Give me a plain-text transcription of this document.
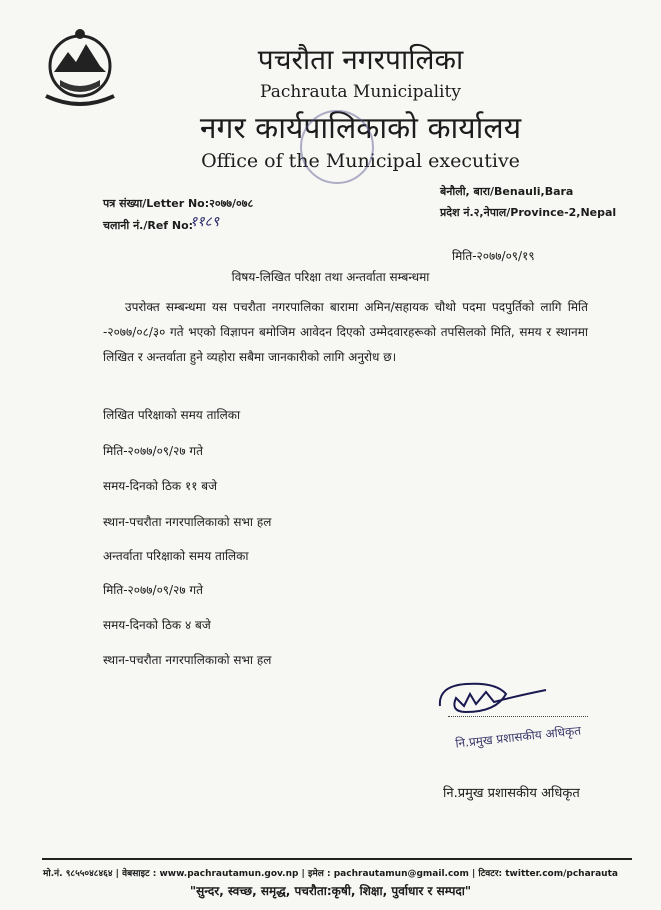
पचरौता नगरपालिका
Pachrauta Municipality
नगर कार्यपालिकाको कार्यालय
Office of the Municipal executive
पत्र संख्या/Letter No:२०७७/०७८
चलानी नं./Ref No:
११८९
बेनौली, बारा/Benauli,Bara
प्रदेश नं.२,नेपाल/Province-2,Nepal
मिति-२०७७/०९/१९
विषय-लिखित परिक्षा तथा अन्तर्वाता सम्बन्धमा
उपरोक्त सम्बन्धमा यस पचरौता नगरपालिका बारामा अमिन/सहायक चौथो पदमा पदपुर्तिको लागि मिति -२०७७/०८/३० गते भएको विज्ञापन बमोजिम आवेदन दिएको उम्मेदवारहरूको तपसिलको मिति, समय र स्थानमा लिखित र अन्तर्वाता हुने व्यहोरा सबैमा जानकारीको लागि अनुरोध छ।
लिखित परिक्षाको समय तालिका
मिति-२०७७/०९/२७ गते
समय-दिनको ठिक ११ बजे
स्थान-पचरौता नगरपालिकाको सभा हल
अन्तर्वाता परिक्षाको समय तालिका
मिति-२०७७/०९/२७ गते
समय-दिनको ठिक ४ बजे
स्थान-पचरौता नगरपालिकाको सभा हल
नि.प्रमुख प्रशासकीय अधिकृत
नि.प्रमुख प्रशासकीय अधिकृत
मो.नं. ९८५५०४८४६४ | वेबसाइट : www.pachrautamun.gov.np | इमेल : pachrautamun@gmail.com | टिवटर: twitter.com/pcharauta
"सुन्दर, स्वच्छ, समृद्ध, पचरौता:कृषी, शिक्षा, पुर्वाधार र सम्पदा"
